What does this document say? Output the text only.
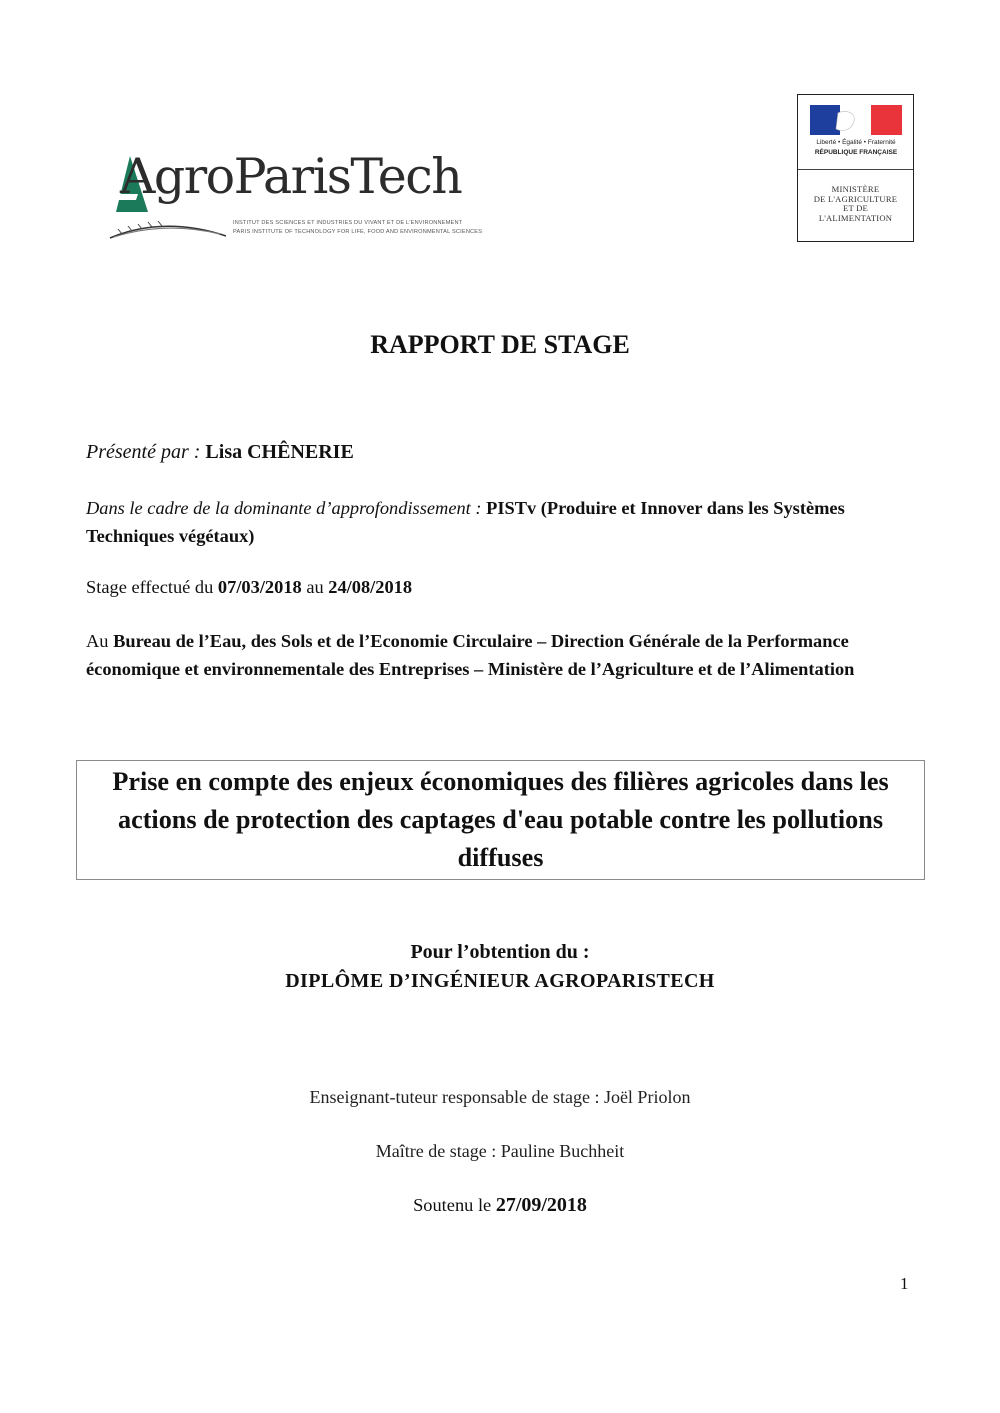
AgroParisTech
INSTITUT DES SCIENCES ET INDUSTRIES DU VIVANT ET DE L'ENVIRONNEMENT
PARIS INSTITUTE OF TECHNOLOGY FOR LIFE, FOOD AND ENVIRONMENTAL SCIENCES
Liberté • Égalité • Fraternité
RÉPUBLIQUE FRANÇAISE
MINISTÈRE
DE L'AGRICULTURE
ET DE
L'ALIMENTATION
RAPPORT DE STAGE
Présenté par : Lisa CHÊNERIE
Dans le cadre de la dominante d’approfondissement : PISTv (Produire et Innover dans les Systèmes Techniques végétaux)
Stage effectué du 07/03/2018 au 24/08/2018
Au Bureau de l’Eau, des Sols et de l’Economie Circulaire – Direction Générale de la Performance économique et environnementale des Entreprises – Ministère de l’Agriculture et de l’Alimentation
Prise en compte des enjeux économiques des filières agricoles dans les actions de protection des captages d'eau potable contre les pollutions diffuses
Pour l’obtention du :
DIPLÔME D’INGÉNIEUR AGROPARISTECH
Enseignant-tuteur responsable de stage : Joël Priolon
Maître de stage : Pauline Buchheit
Soutenu le 27/09/2018
1
